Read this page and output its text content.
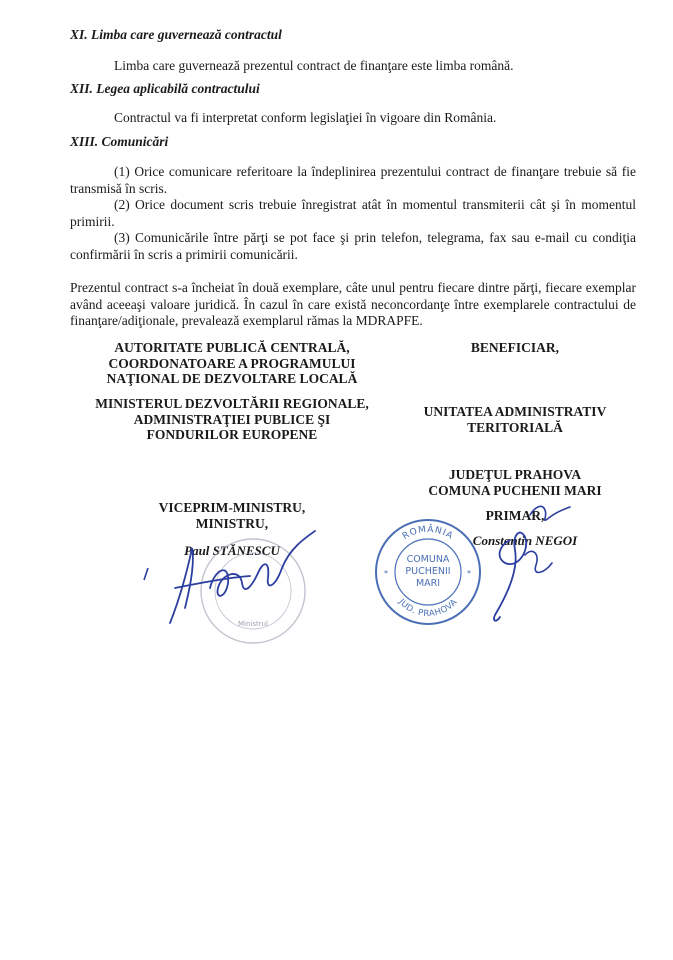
XI. Limba care guvernează contractul
Limba care guvernează prezentul contract de finanţare este limba română.
XII. Legea aplicabilă contractului
Contractul va fi interpretat conform legislaţiei în vigoare din România.
XIII. Comunicări
(1) Orice comunicare referitoare la îndeplinirea prezentului contract de finanţare trebuie să fie transmisă în scris.
(2) Orice document scris trebuie înregistrat atât în momentul transmiterii cât şi în momentul primirii.
(3) Comunicările între părţi se pot face şi prin telefon, telegrama, fax sau e-mail cu condiţia confirmării în scris a primirii comunicării.
Prezentul contract s-a încheiat în două exemplare, câte unul pentru fiecare dintre părţi, fiecare exemplar având aceeaşi valoare juridică. În cazul în care există neconcordanţe între exemplarele contractului de finanţare/adiţionale, prevalează exemplarul rămas la MDRAPFE.
AUTORITATE PUBLICĂ CENTRALĂ,
COORDONATOARE A PROGRAMULUI
NAŢIONAL DE DEZVOLTARE LOCALĂ
MINISTERUL DEZVOLTĂRII REGIONALE,
ADMINISTRAŢIEI PUBLICE ŞI
FONDURILOR EUROPENE
VICEPRIM-MINISTRU,
MINISTRU,
Paul STĂNESCU
Ministrul
BENEFICIAR,
UNITATEA ADMINISTRATIV
TERITORIALĂ
JUDEŢUL PRAHOVA
COMUNA PUCHENII MARI
PRIMAR,
Constantin NEGOI
ROMÂNIA
JUD. PRAHOVA
COMUNA
PUCHENII
MARI
*	*
